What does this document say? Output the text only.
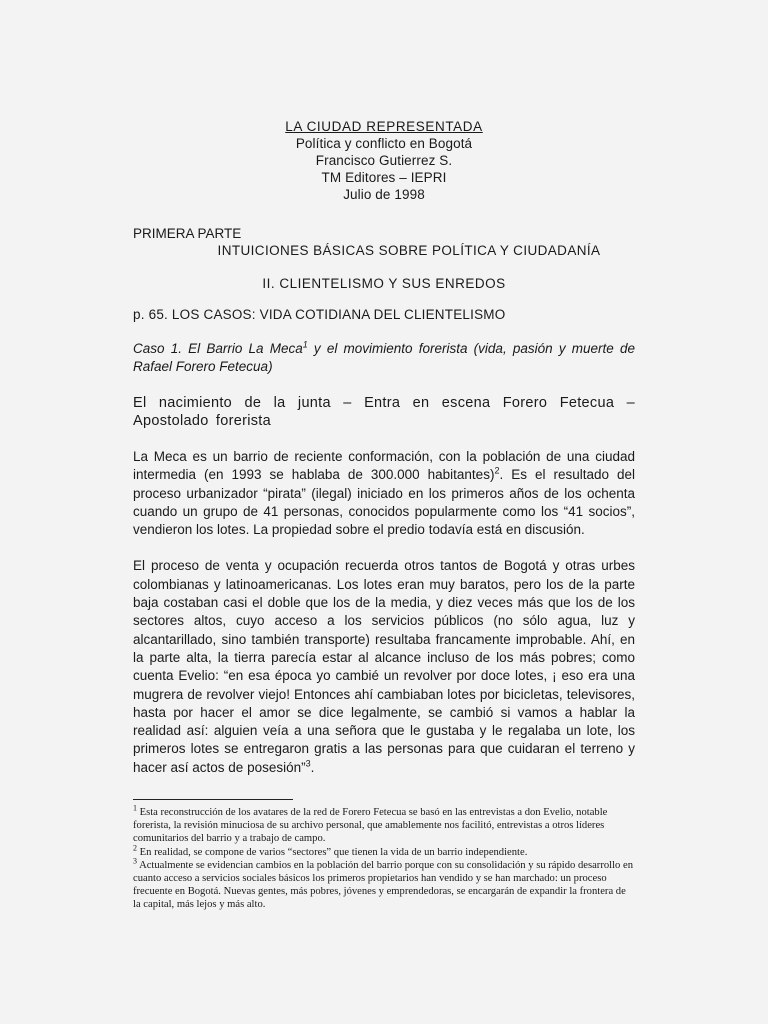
LA CIUDAD REPRESENTADA
Política y conflicto en Bogotá
Francisco Gutierrez S.
TM Editores – IEPRI
Julio de 1998
PRIMERA PARTE
INTUICIONES BÁSICAS SOBRE POLÍTICA Y CIUDADANÍA
II. CLIENTELISMO Y SUS ENREDOS
p. 65. LOS CASOS: VIDA COTIDIANA DEL CLIENTELISMO
Caso 1. El Barrio La Meca$^1$ y el movimiento forerista (vida, pasión y muerte de Rafael Forero Fetecua)
El nacimiento de la junta – Entra en escena Forero Fetecua – Apostolado forerista

La Meca es un barrio de reciente conformación, con la población de una ciudad intermedia (en 1993 se hablaba de 300.000 habitantes)$^2$. Es el resultado del proceso urbanizador “pirata” (ilegal) iniciado en los primeros años de los ochenta cuando un grupo de 41 personas, conocidos popularmente como los “41 socios”, vendieron los lotes. La propiedad sobre el predio todavía está en discusión.

El proceso de venta y ocupación recuerda otros tantos de Bogotá y otras urbes colombianas y latinoamericanas. Los lotes eran muy baratos, pero los de la parte baja costaban casi el doble que los de la media, y diez veces más que los de los sectores altos, cuyo acceso a los servicios públicos (no sólo agua, luz y alcantarillado, sino también transporte) resultaba francamente improbable. Ahí, en la parte alta, la tierra parecía estar al alcance incluso de los más pobres; como cuenta Evelio: “en esa época yo cambié un revolver por doce lotes, ¡ eso era una mugrera de revolver viejo! Entonces ahí cambiaban lotes por bicicletas, televisores, hasta por hacer el amor se dice legalmente, se cambió si vamos a hablar la realidad así: alguien veía a una señora que le gustaba y le regalaba un lote, los primeros lotes se entregaron gratis a las personas para que cuidaran el terreno y hacer así actos de posesión”$^3$.

$^1$ Esta reconstrucción de los avatares de la red de Forero Fetecua se basó en las entrevistas a don Evelio, notable forerista, la revisión minuciosa de su archivo personal, que amablemente nos facilitó, entrevistas a otros líderes comunitarios del barrio y a trabajo de campo.

$^2$ En realidad, se compone de varios “sectores” que tienen la vida de un barrio independiente.

$^3$ Actualmente se evidencian cambios en la población del barrio porque con su consolidación y su rápido desarrollo en cuanto acceso a servicios sociales básicos los primeros propietarios han vendido y se han marchado: un proceso frecuente en Bogotá. Nuevas gentes, más pobres, jóvenes y emprendedoras, se encargarán de expandir la frontera de la capital, más lejos y más alto.
